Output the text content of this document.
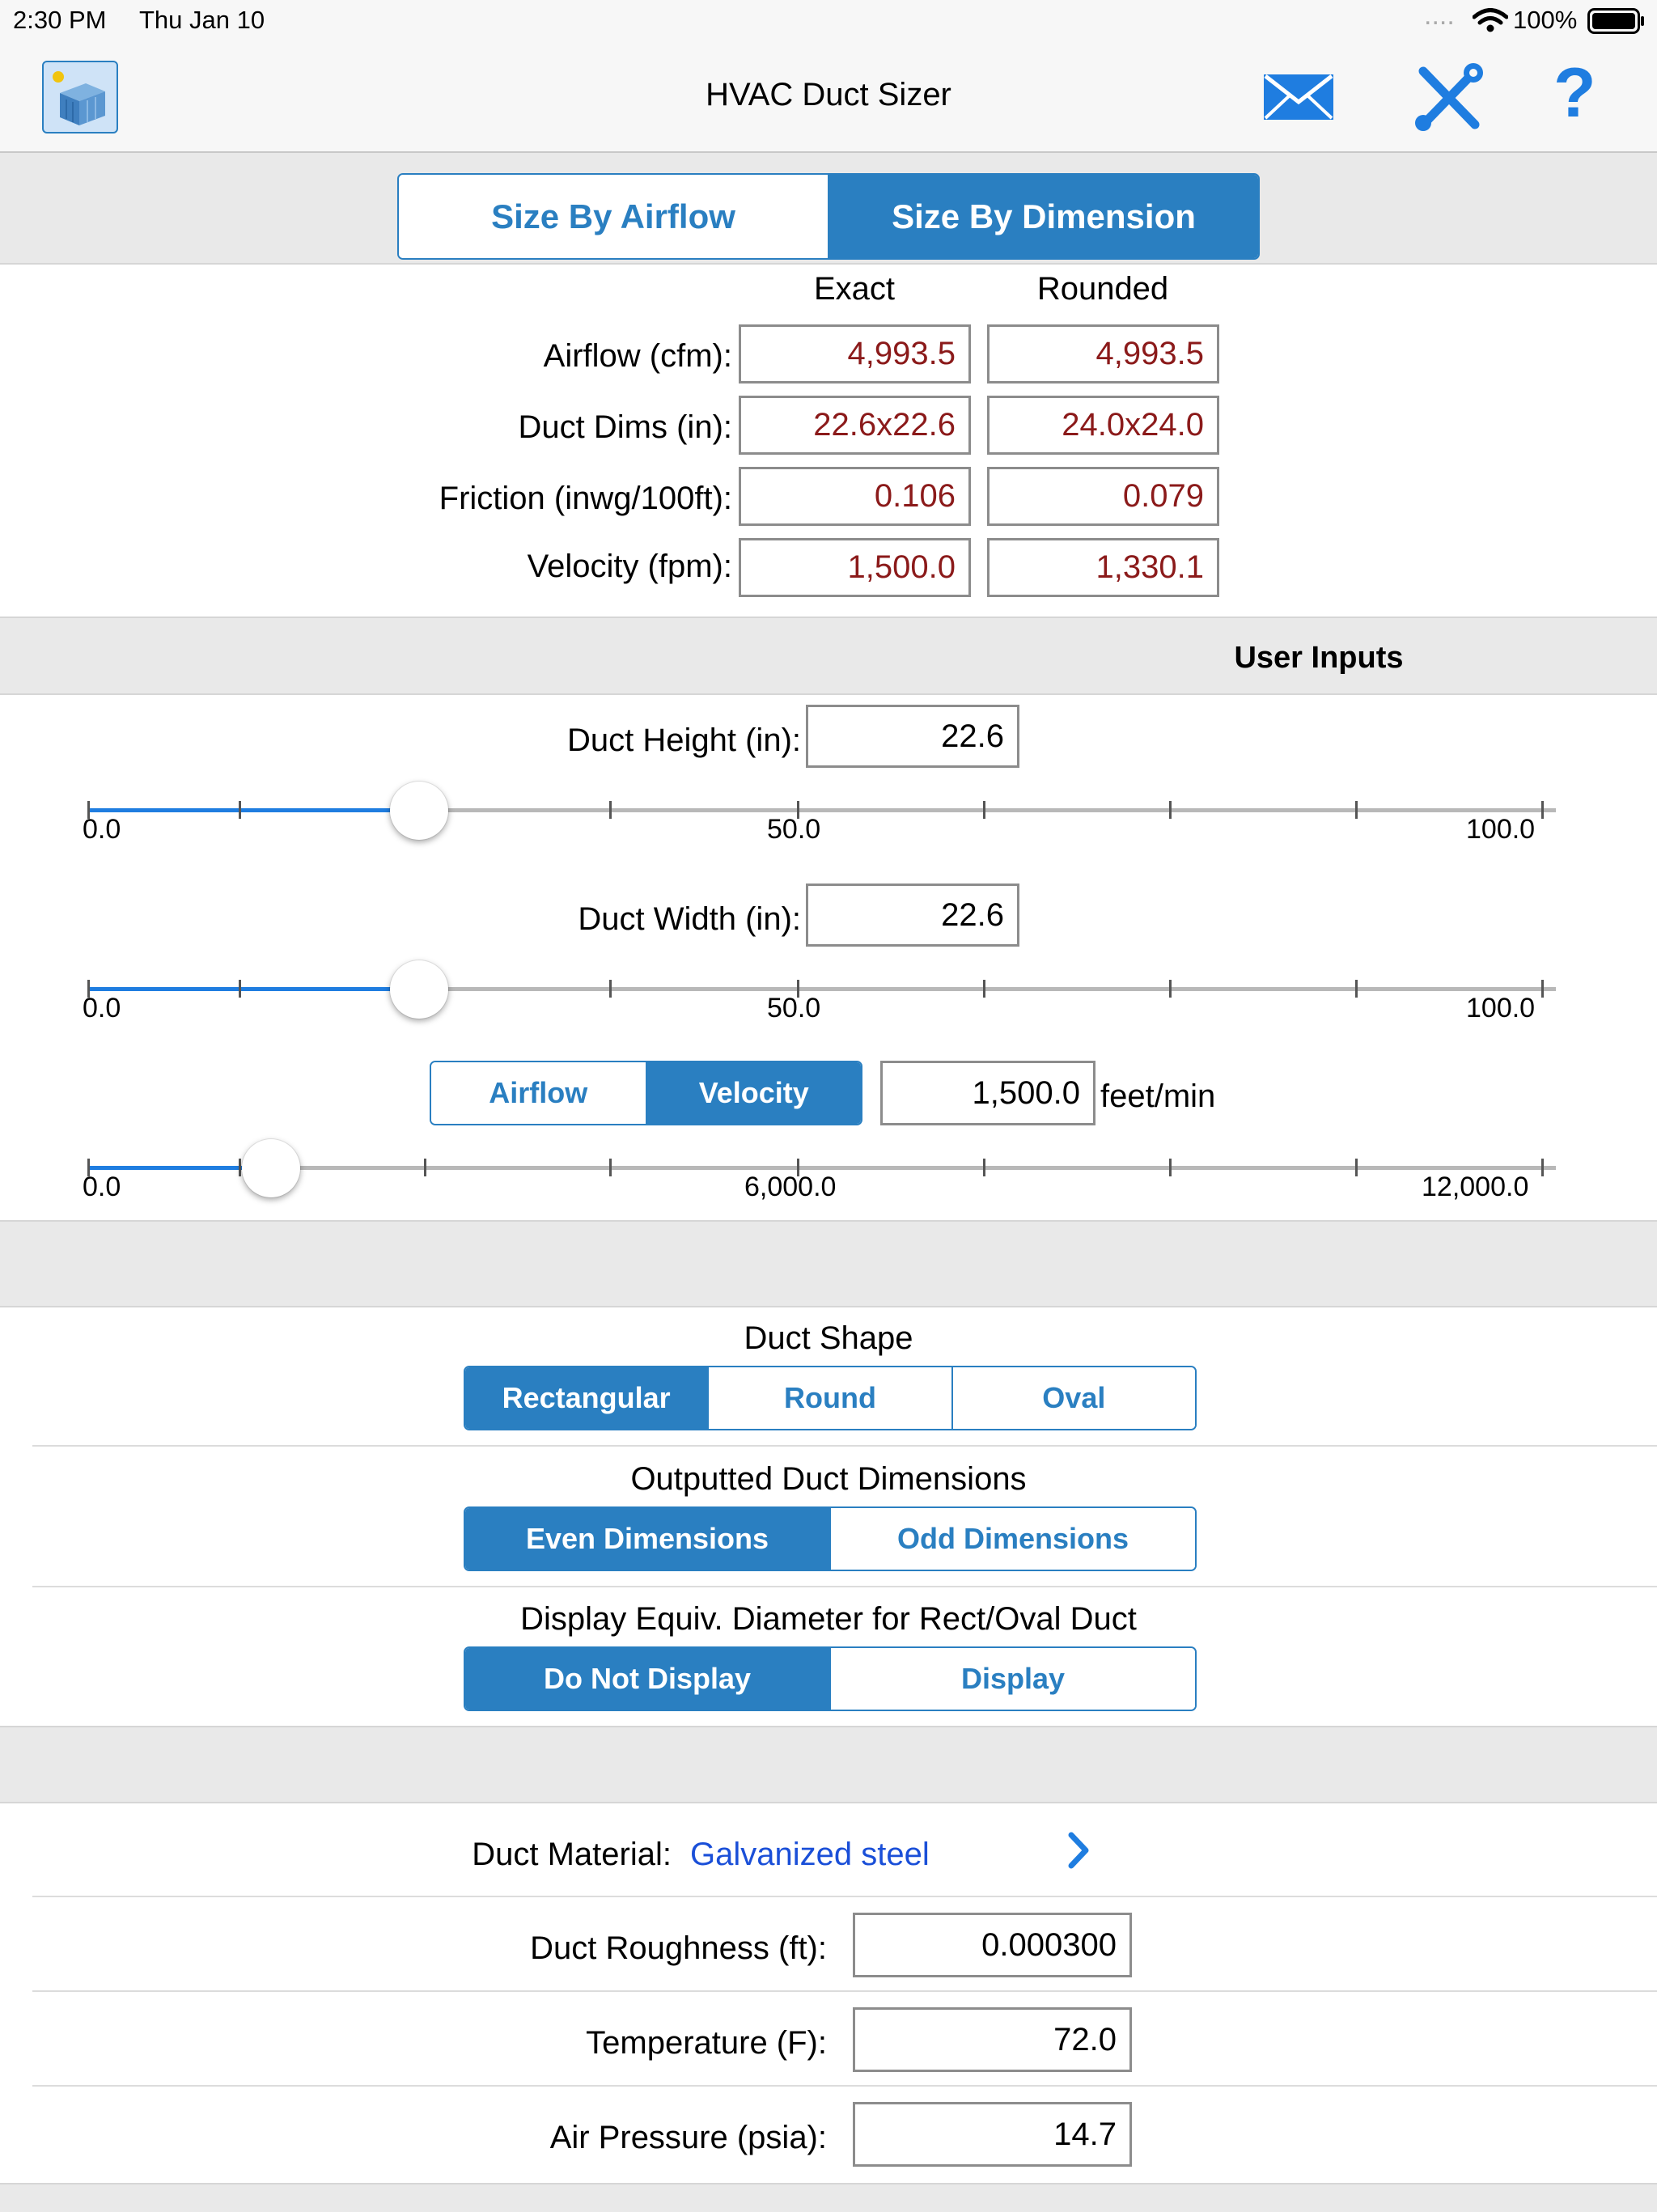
2:30 PM Thu Jan 10	.... 100%
HVAC Duct Sizer	?
Size By Airflow	Size By Dimension
Exact	Rounded
Airflow (cfm):	4,993.5	4,993.5
Duct Dims (in):	22.6x22.6	24.0x24.0
Friction (inwg/100ft):	0.106	0.079
Velocity (fpm):	1,500.0	1,330.1
User Inputs
Duct Height (in):	22.6
0.0	50.0	100.0
Duct Width (in):	22.6
0.0	50.0	100.0
Airflow	Velocity	1,500.0 feet/min
0.0	6,000.0	12,000.0
Duct Shape
Rectangular	Round	Oval
Outputted Duct Dimensions
Even Dimensions	Odd Dimensions
Display Equiv. Diameter for Rect/Oval Duct
Do Not Display	Display
Duct Material: Galvanized steel
Duct Roughness (ft):	0.000300
Temperature (F):	72.0
Air Pressure (psia):	14.7
